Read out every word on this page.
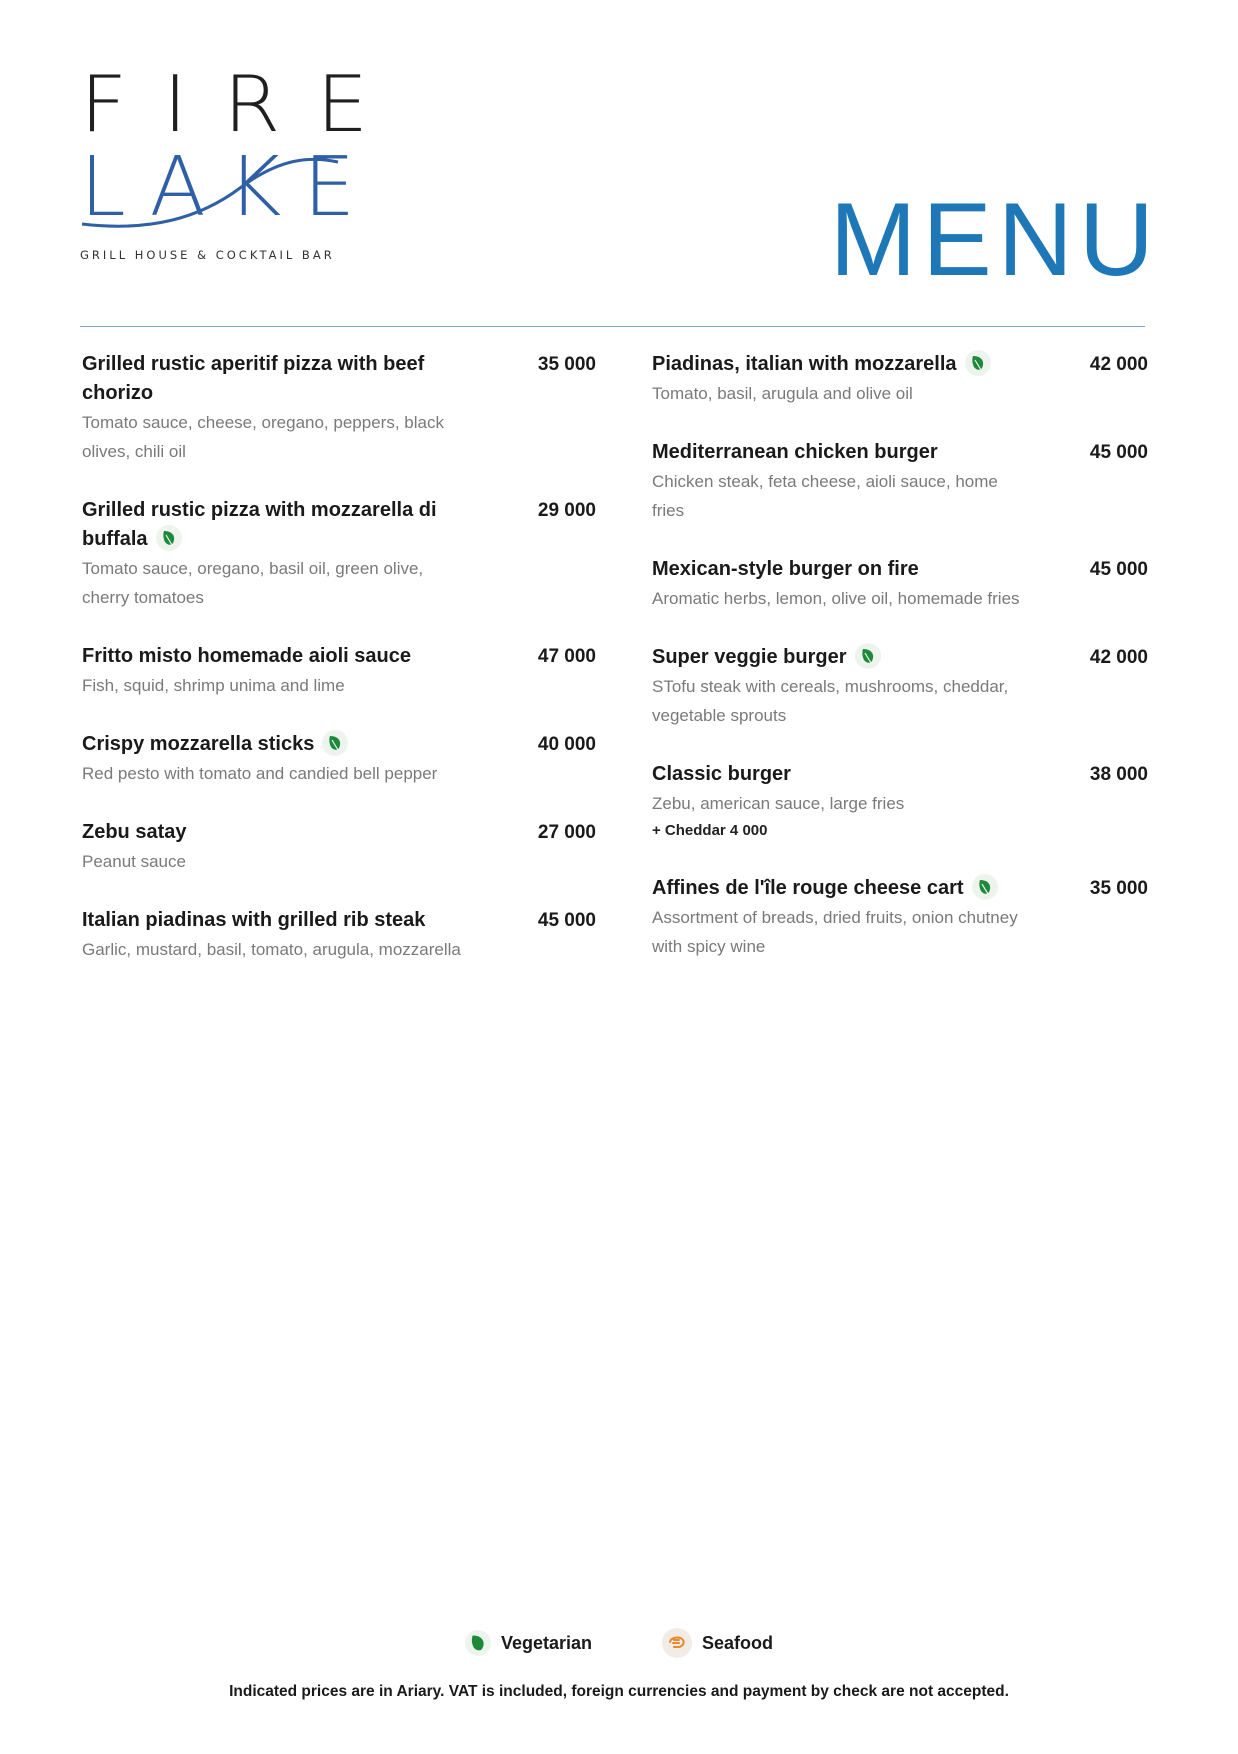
FIRE
LAKE
GRILL HOUSE & COCKTAIL BAR	MENU
Grilled rustic aperitif pizza with beef chorizo
35 000
Tomato sauce, cheese, oregano, peppers, black olives, chili oil
Grilled rustic pizza with mozzarella di buffala
29 000
Tomato sauce, oregano, basil oil, green olive, cherry tomatoes
Fritto misto homemade aioli sauce	47 000
Fish, squid, shrimp unima and lime
Crispy mozzarella sticks	40 000
Red pesto with tomato and candied bell pepper
Zebu satay	27 000
Peanut sauce
Italian piadinas with grilled rib steak	45 000
Garlic, mustard, basil, tomato, arugula, mozzarella
Piadinas, italian with mozzarella	42 000
Tomato, basil, arugula and olive oil
Mediterranean chicken burger	45 000
Chicken steak, feta cheese, aioli sauce, home fries
Mexican-style burger on fire	45 000
Aromatic herbs, lemon, olive oil, homemade fries
Super veggie burger	42 000
STofu steak with cereals, mushrooms, cheddar, vegetable sprouts
Classic burger	38 000
Zebu, american sauce, large fries
+ Cheddar 4 000
Affines de l'île rouge cheese cart	35 000
Assortment of breads, dried fruits, onion chutney with spicy wine
Vegetarian	Seafood
Indicated prices are in Ariary. VAT is included, foreign currencies and payment by check are not accepted.
